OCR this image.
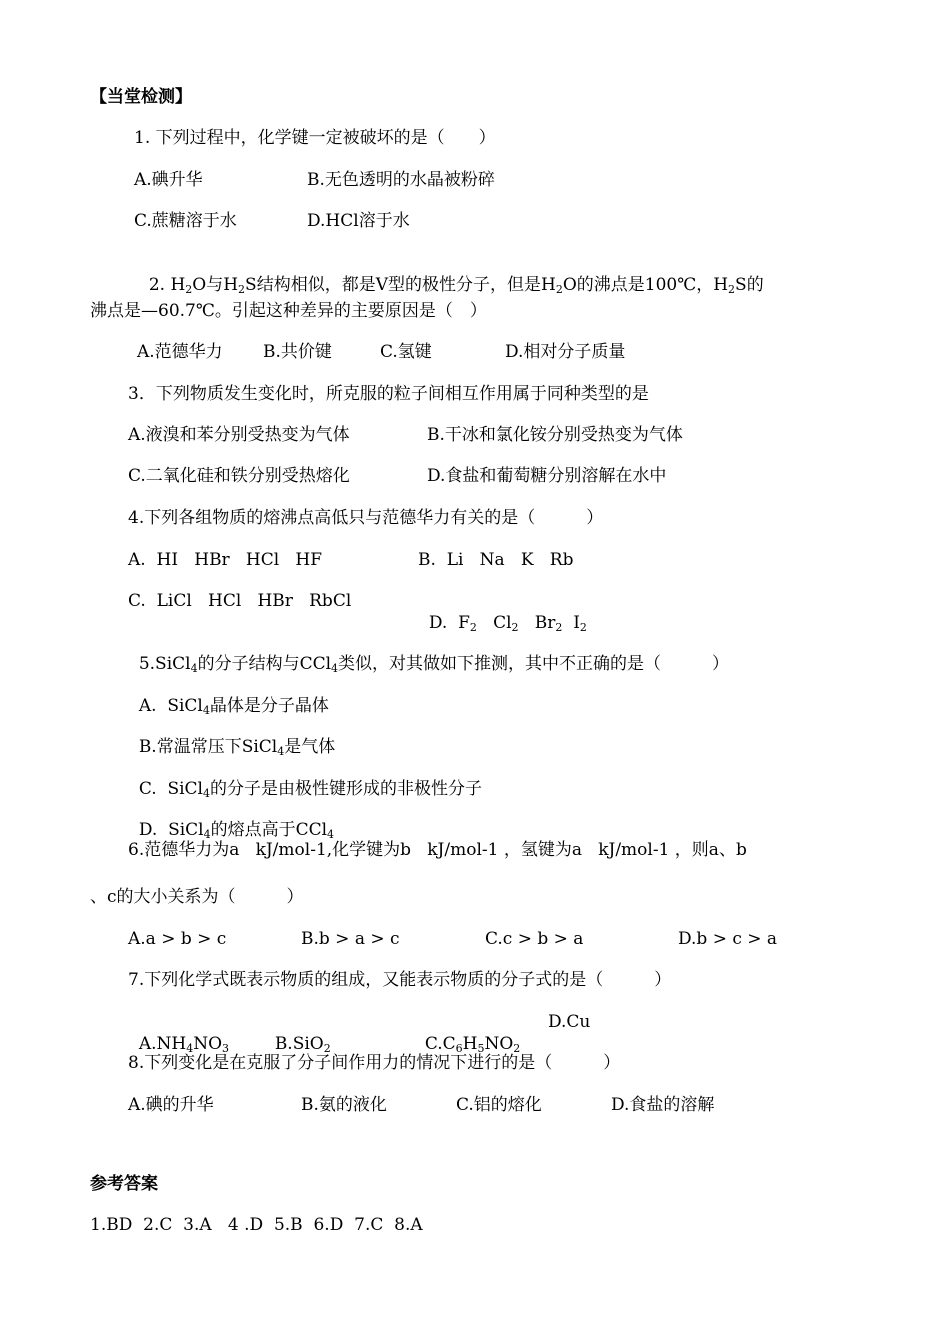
【当堂检测】
1. 下列过程中，化学键一定被破坏的是（　　）
A.碘升华	B.无色透明的水晶被粉碎
C.蔗糖溶于水	D.HCl溶于水

2. $H_2O$与$H_2S$结构相似，都是V型的极性分子，但是$H_2O$的沸点是100℃，$H_2S$的

沸点是—60.7℃。引起这种差异的主要原因是（　）
A.范德华力 B.共价键	C.氢键	D.相对分子质量
3．下列物质发生变化时，所克服的粒子间相互作用属于同种类型的是
A.液溴和苯分别受热变为气体	B.干冰和氯化铵分别受热变为气体
C.二氧化硅和铁分别受热熔化	D.食盐和葡萄糖分别溶解在水中
4.下列各组物质的熔沸点高低只与范德华力有关的是（　　　）
A.  HI   HBr   HCl   HF	B.  Li   Na   K   Rb
C.  LiCl   HCl   HBr   RbCl

D. $F_2$ $Cl_2$ $Br_2$ $I_2$

5.SiCl$_4$的分子结构与CCl$_4$类似，对其做如下推测，其中不正确的是（　　　）

A.  SiCl$_4$晶体是分子晶体

B.常温常压下SiCl$_4$是气体

C.  SiCl$_4$的分子是由极性键形成的非极性分子

D.  SiCl$_4$的熔点高于CCl$_4$

6.范德华力为a   kJ/mol-1,化学键为b   kJ/mol-1 ，氢键为a   kJ/mol-1 ，则a、b
、c的大小关系为（　　　）
A.a > b > c	B.b > a > c	C.c > b > a	D.b > c > a
7.下列化学式既表示物质的组成，又能表示物质的分子式的是（　　　）

$A.NH_4NO_3$	B.SiO$_2$	$C.C_6H_5NO_2$

D.Cu
8.下列变化是在克服了分子间作用力的情况下进行的是（　　　）
A.碘的升华	B.氨的液化	C.铝的熔化	D.食盐的溶解
参考答案
1.BD  2.C  3.A   4 .D  5.B  6.D  7.C  8.A
